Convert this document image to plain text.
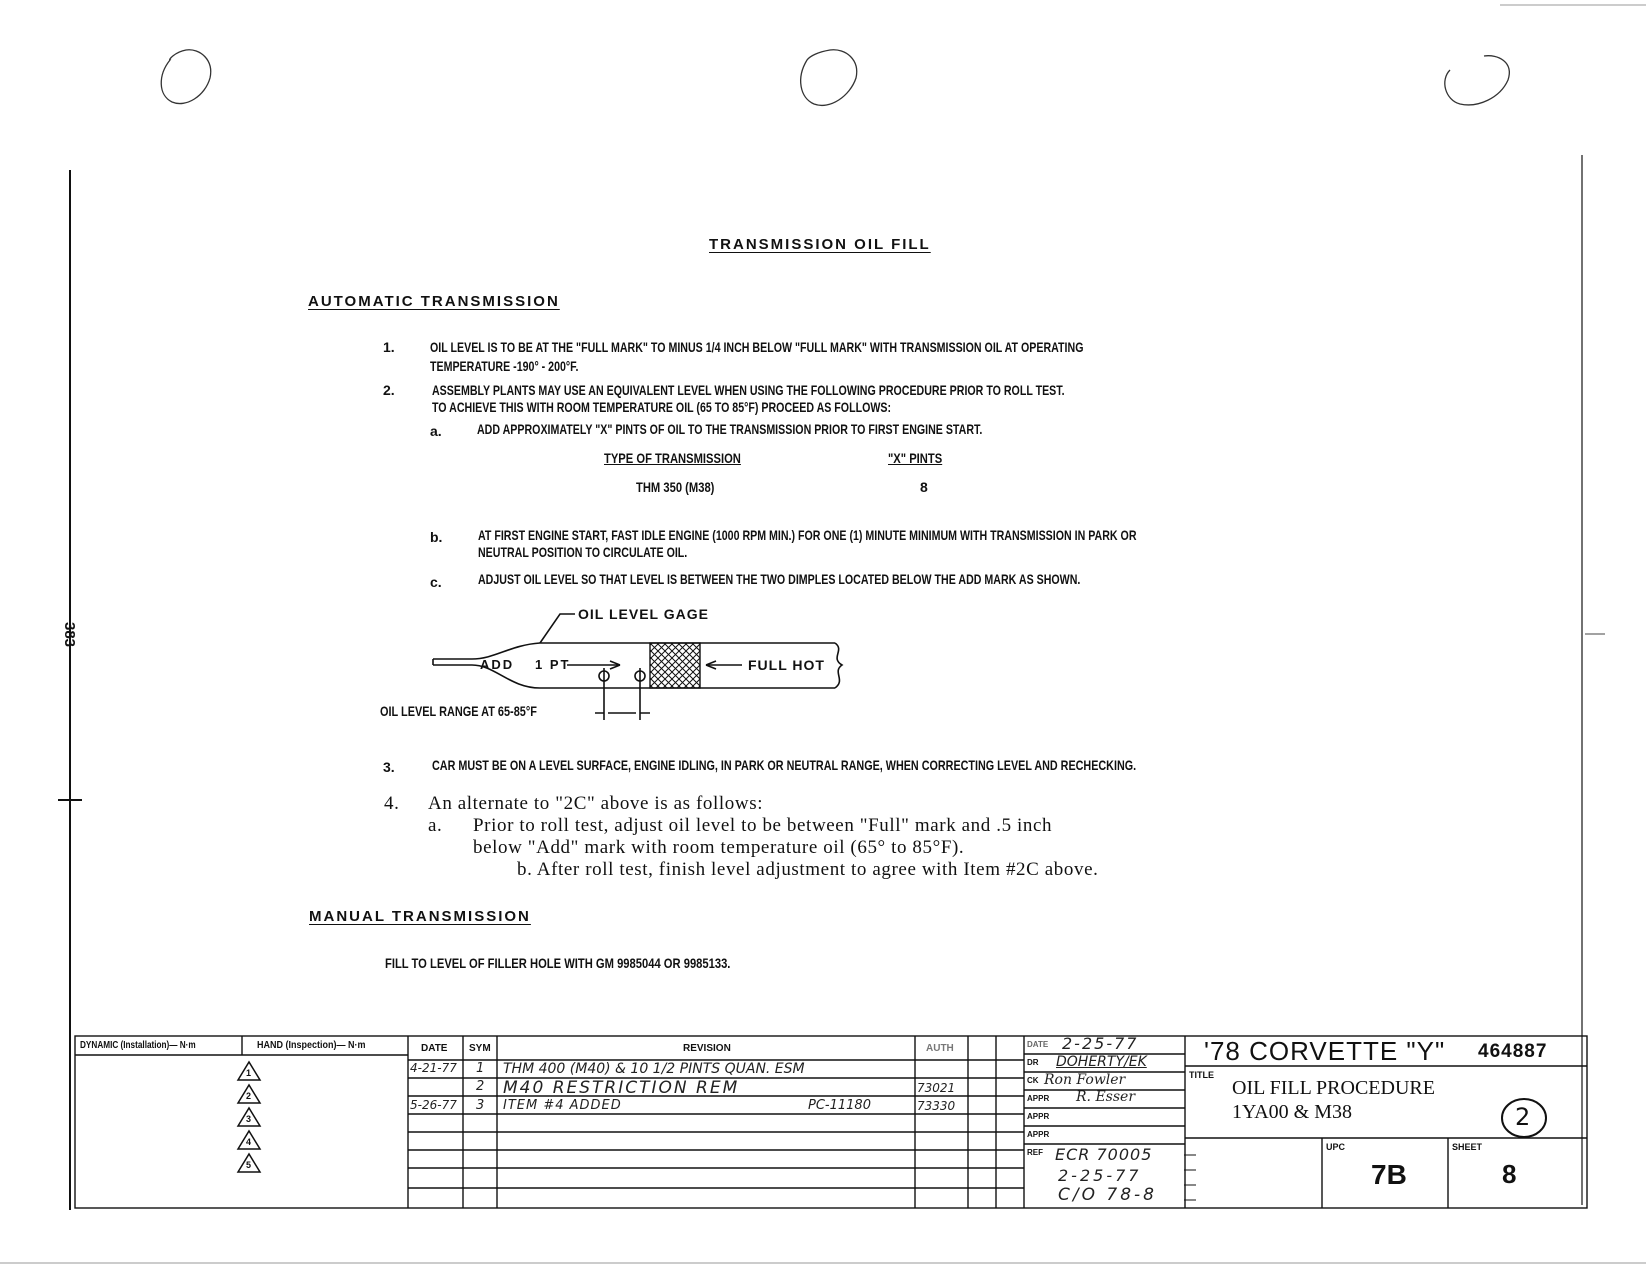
383
TRANSMISSION OIL FILL
AUTOMATIC TRANSMISSION
1.	OIL LEVEL IS TO BE AT THE "FULL MARK" TO MINUS 1/4 INCH BELOW "FULL MARK" WITH TRANSMISSION OIL AT OPERATING
TEMPERATURE -190° - 200°F.
2.	ASSEMBLY PLANTS MAY USE AN EQUIVALENT LEVEL WHEN USING THE FOLLOWING PROCEDURE PRIOR TO ROLL TEST.
TO ACHIEVE THIS WITH ROOM TEMPERATURE OIL (65 TO 85°F) PROCEED AS FOLLOWS:
a.	ADD APPROXIMATELY "X" PINTS OF OIL TO THE TRANSMISSION PRIOR TO FIRST ENGINE START.
TYPE OF TRANSMISSION	"X" PINTS
THM 350 (M38)	8
b.	AT FIRST ENGINE START, FAST IDLE ENGINE (1000 RPM MIN.) FOR ONE (1) MINUTE MINIMUM WITH TRANSMISSION IN PARK OR
NEUTRAL POSITION TO CIRCULATE OIL.
c.	ADJUST OIL LEVEL SO THAT LEVEL IS BETWEEN THE TWO DIMPLES LOCATED BELOW THE ADD MARK AS SHOWN.
OIL LEVEL GAGE
ADD 1 PT	FULL HOT
OIL LEVEL RANGE AT 65-85°F
3.	CAR MUST BE ON A LEVEL SURFACE, ENGINE IDLING, IN PARK OR NEUTRAL RANGE, WHEN CORRECTING LEVEL AND RECHECKING.
4. An alternate to "2C" above is as follows:
a. Prior to roll test, adjust oil level to be between "Full" mark and .5 inch
below "Add" mark with room temperature oil (65° to 85°F).
b. After roll test, finish level adjustment to agree with Item #2C above.
MANUAL TRANSMISSION
FILL TO LEVEL OF FILLER HOLE WITH GM 9985044 OR 9985133.
DYNAMIC (Installation)— N·m	HAND (Inspection)— N·m
1
2
3
4
5
DATE SYM	REVISION	AUTH
4-21-77 1 THM 400 (M40) & 10 1/2 PINTS QUAN. ESM
2 M40 RESTRICTION REM	73021
5-26-77 3 ITEM #4 ADDED	PC-11180	73330
DATE 2-25-77
DR DOHERTY/EK
CK Ron Fowler
APPR R. Esser
APPR
APPR
REF ECR 70005
2-25-77
C/O 78-8
'78 CORVETTE "Y" 464887
TITLE
OIL FILL PROCEDURE
1YA00 & M38	2
UPC
7B
SHEET
8
